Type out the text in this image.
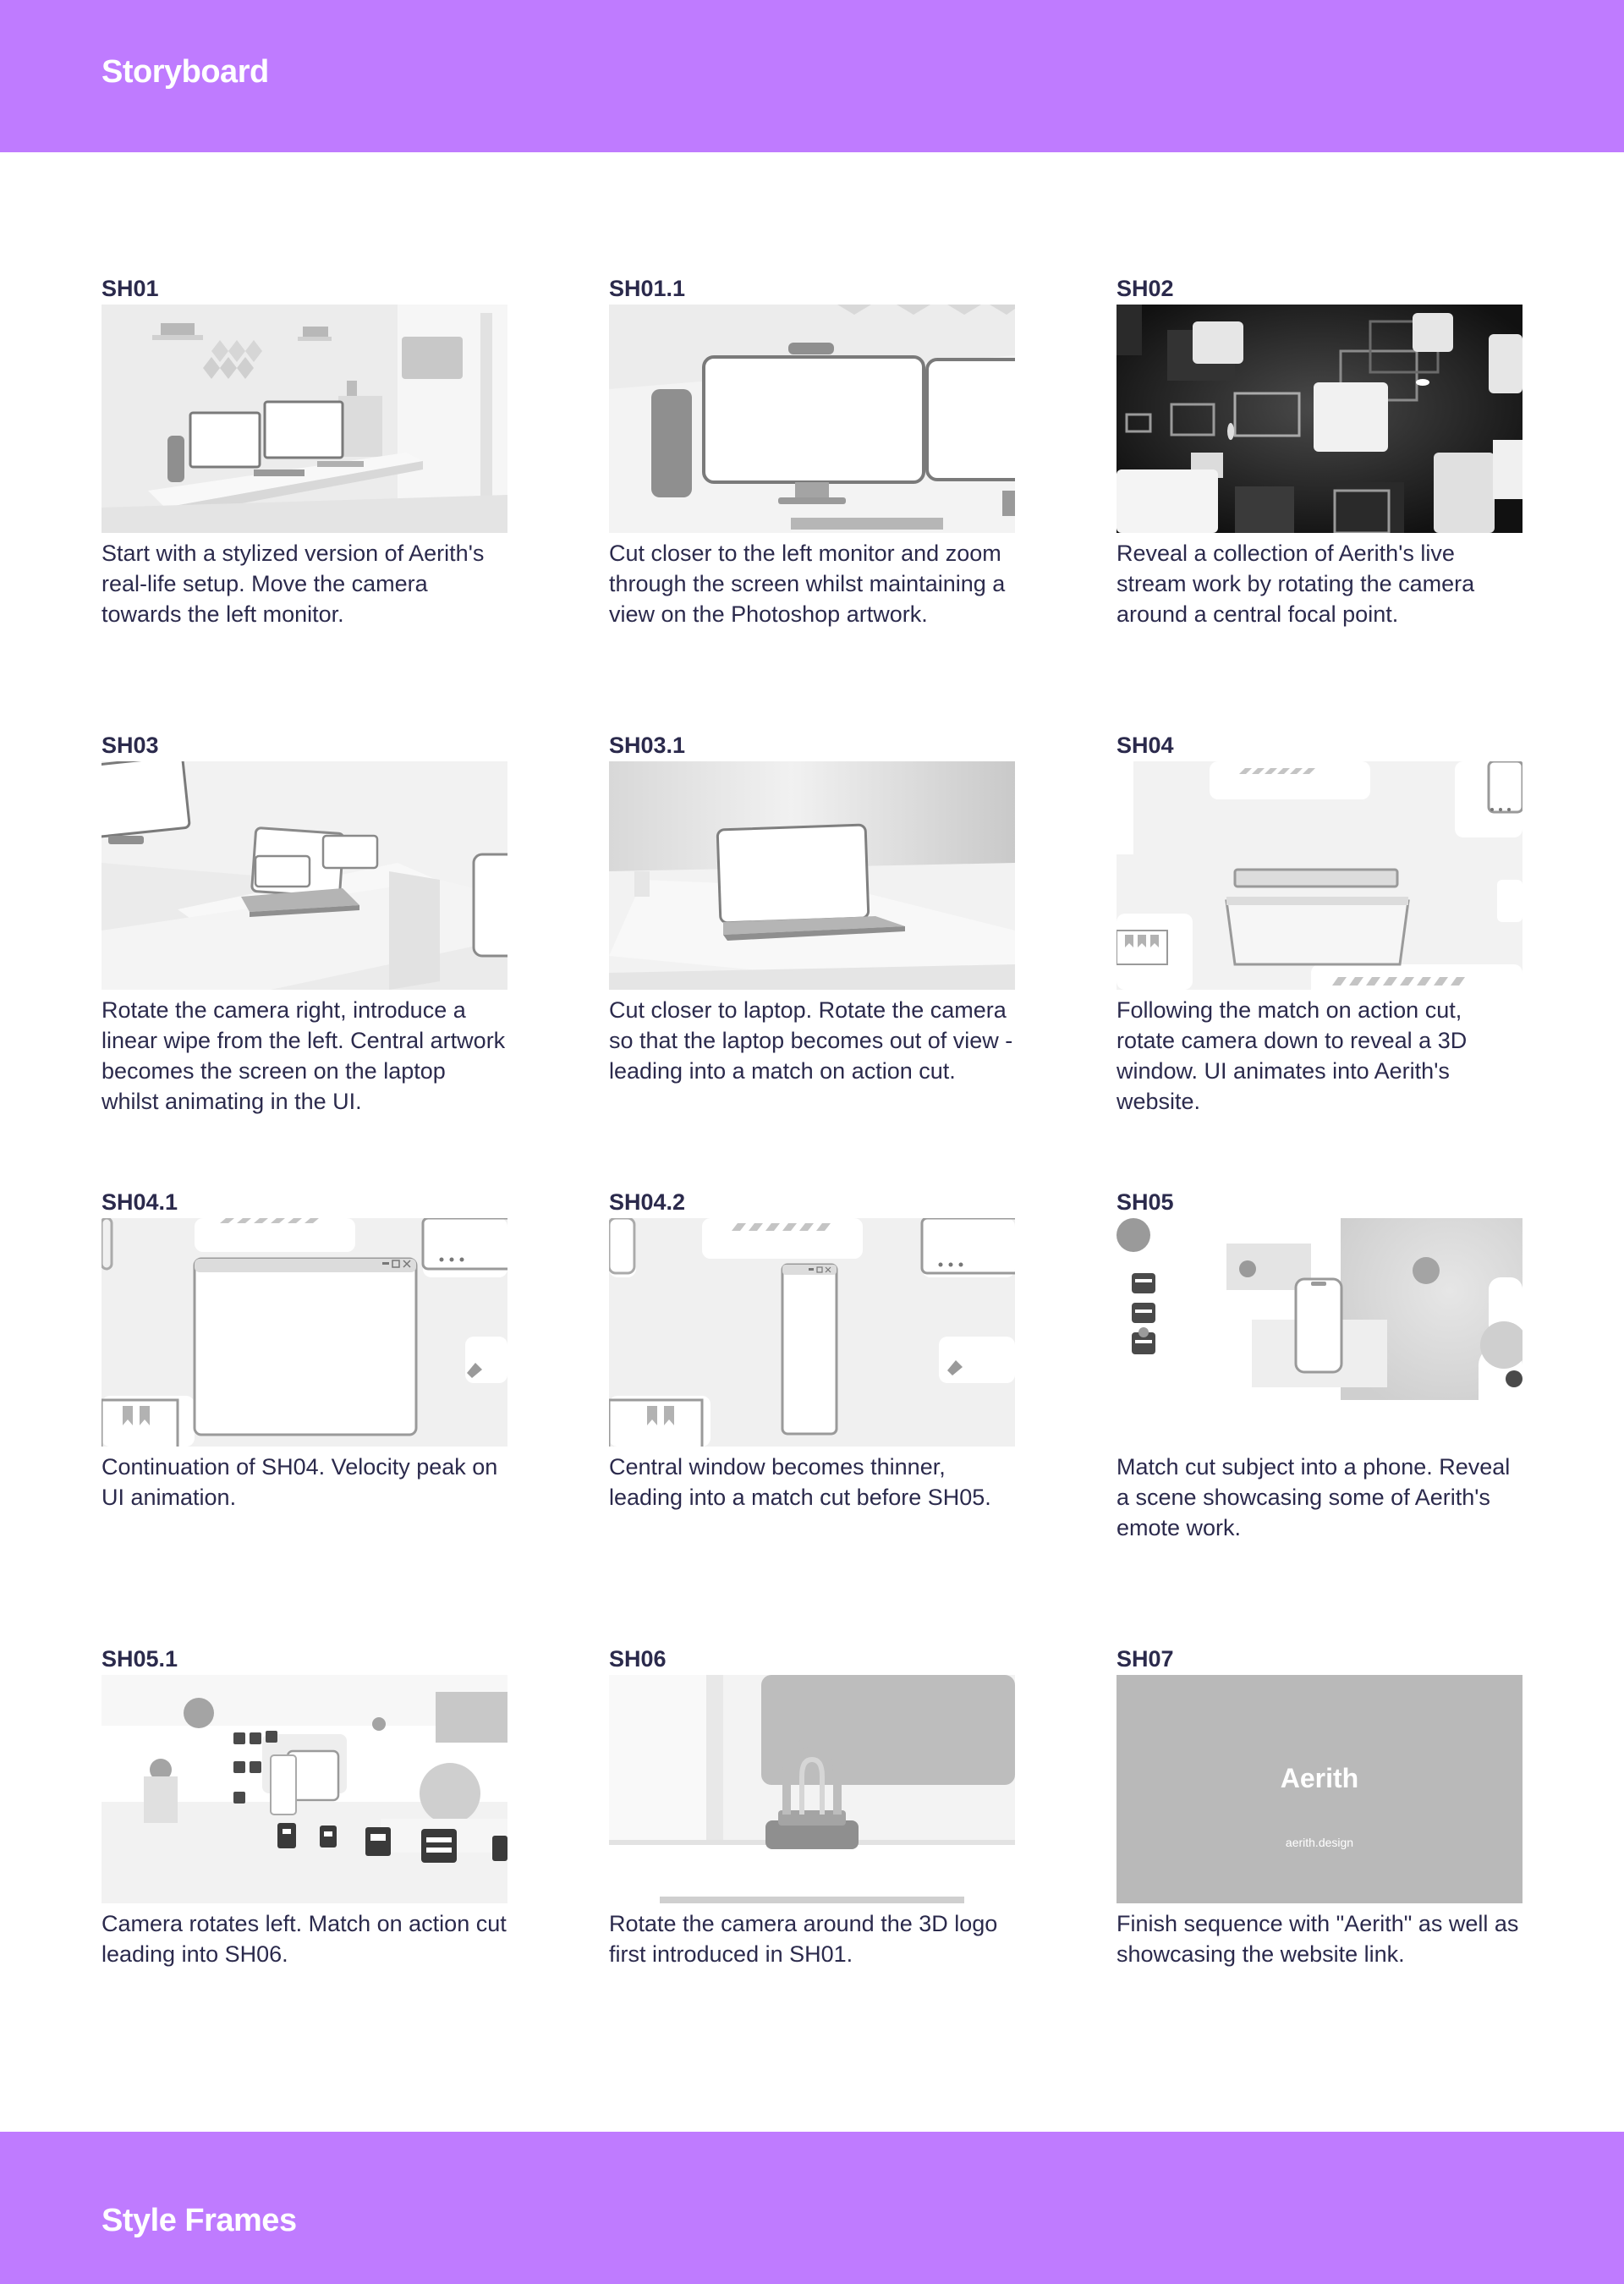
Storyboard
SH01

Start with a stylized version of Aerith's real-life setup. Move the camera towards the left monitor.

SH01.1

Cut closer to the left monitor and zoom through the screen whilst maintaining a view on the Photoshop artwork.

SH02

Reveal a collection of Aerith's live stream work by rotating the camera around a central focal point.

SH03

Rotate the camera right, introduce a linear wipe from the left. Central artwork becomes the screen on the laptop whilst animating in the UI.

SH03.1

Cut closer to laptop. Rotate the camera so that the laptop becomes out of view - leading into a match on action cut.

SH04

Following the match on action cut, rotate camera down to reveal a 3D window. UI animates into Aerith's website.

SH04.1

Continuation of SH04. Velocity peak on UI animation.

SH04.2

Central window becomes thinner, leading into a match cut before SH05.

SH05

Match cut subject into a phone. Reveal a scene showcasing some of Aerith's emote work.

SH05.1

Camera rotates left. Match on action cut leading into SH06.

SH06

Rotate the camera around the 3D logo first introduced in SH01.

SH07
Aerith
aerith.design

Finish sequence with "Aerith" as well as showcasing the website link.

Style Frames
